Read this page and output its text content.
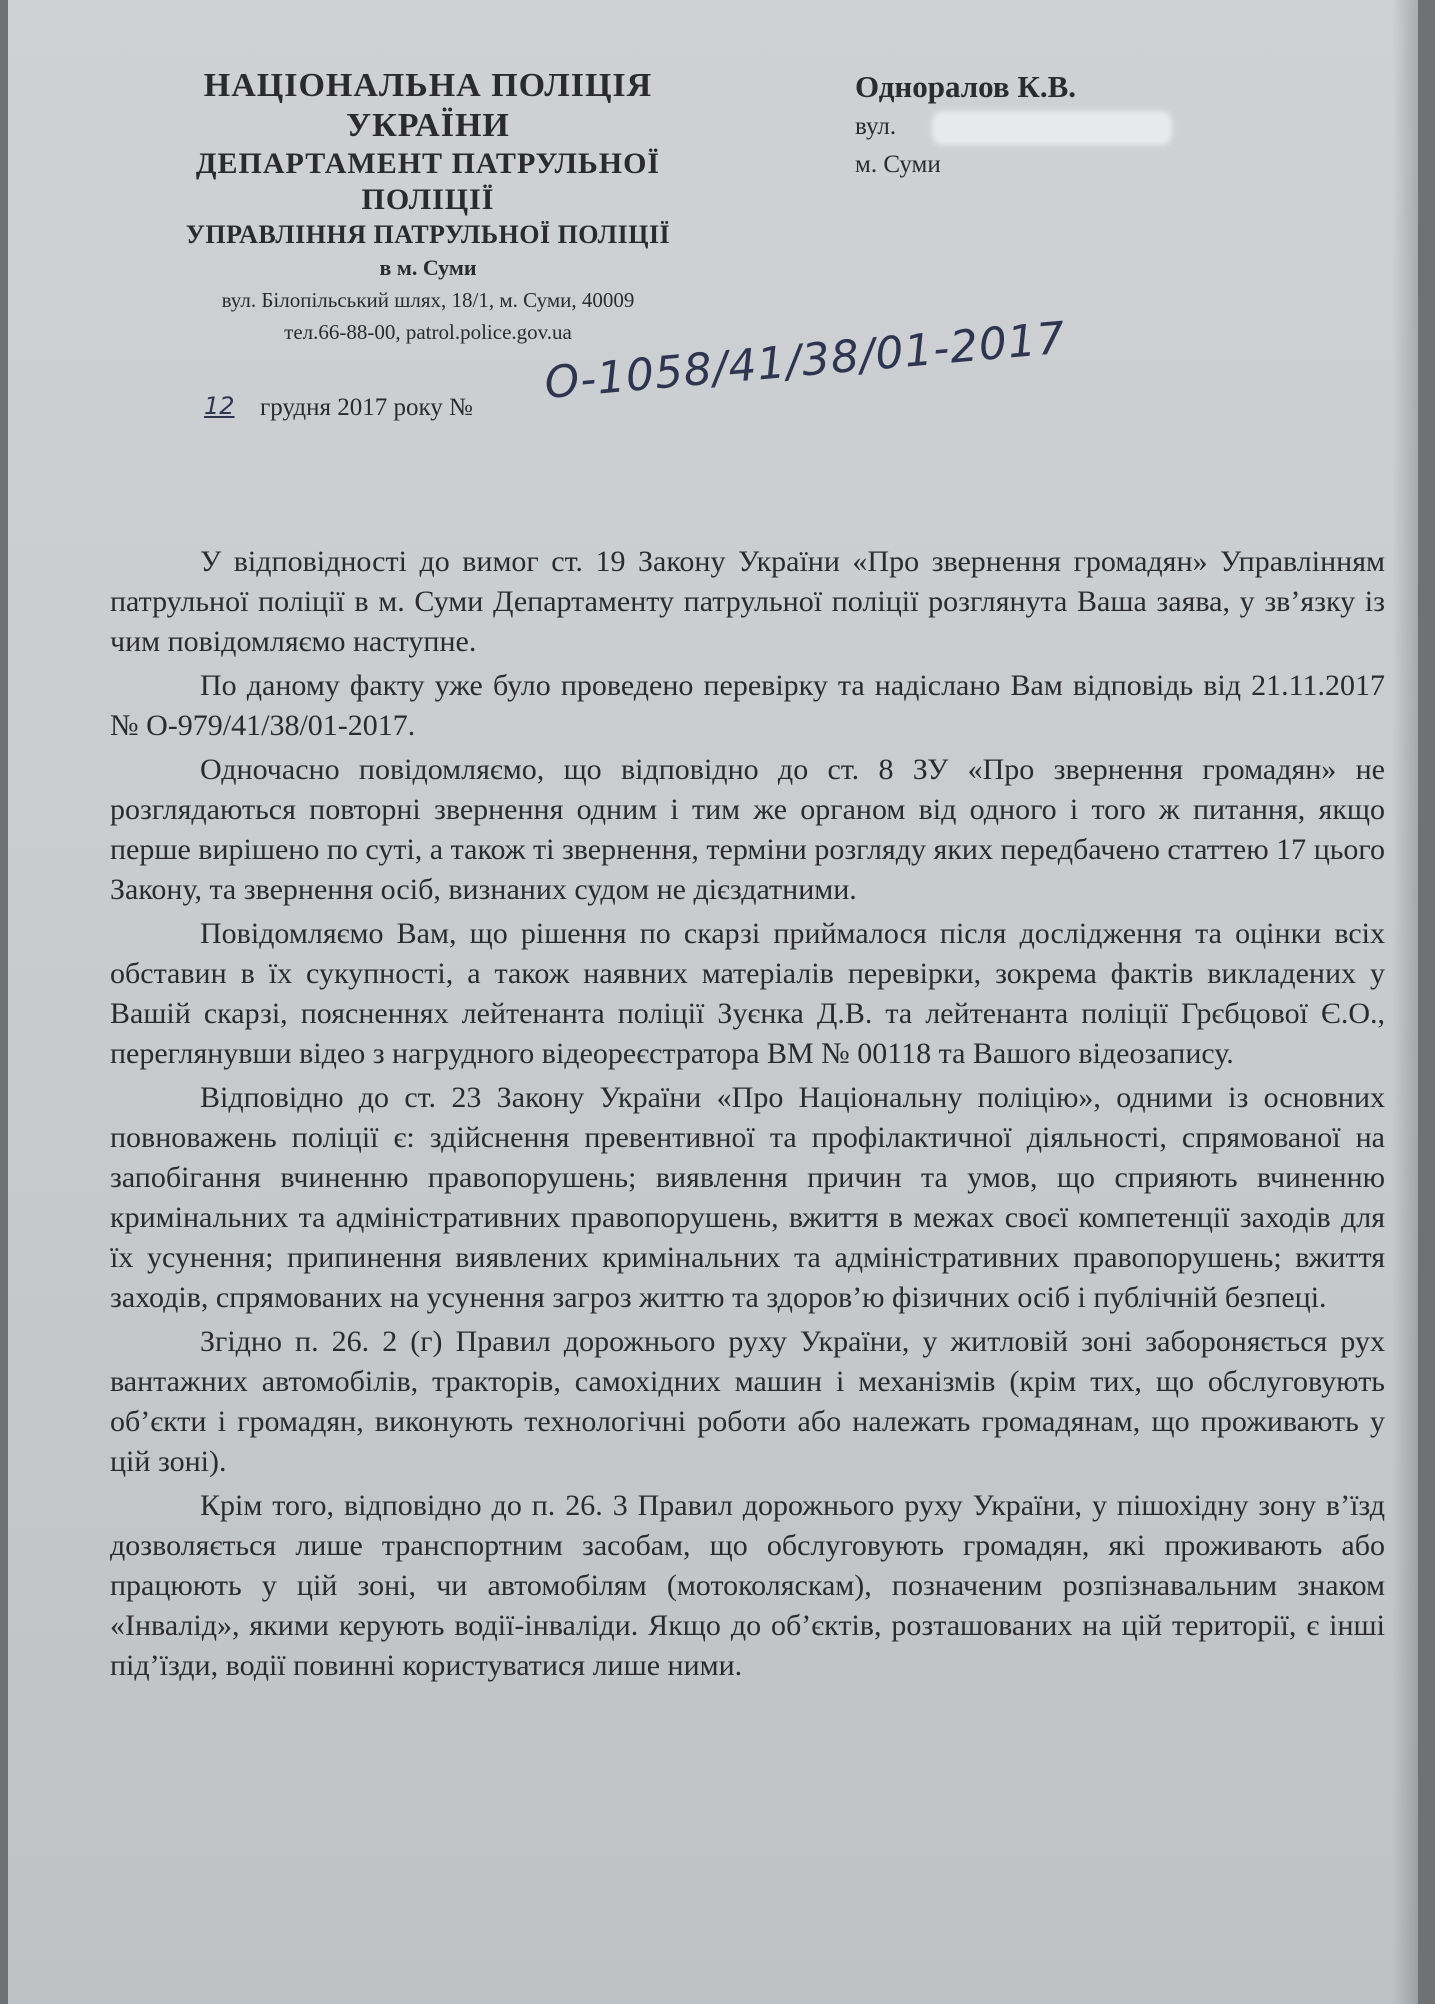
НАЦІОНАЛЬНА ПОЛІЦІЯ
УКРАЇНИ
ДЕПАРТАМЕНТ ПАТРУЛЬНОЇ
ПОЛІЦІЇ
УПРАВЛІННЯ ПАТРУЛЬНОЇ ПОЛІЦІЇ
в м. Суми
вул. Білопільський шлях, 18/1, м. Суми, 40009
тел.66-88-00, patrol.police.gov.ua
12 грудня 2017 року № О-1058/41/38/01-2017
Одноралов К.В.
вул.
м. Суми

У відповідності до вимог ст. 19 Закону України «Про звернення громадян» Управлінням патрульної поліції в м. Суми Департаменту патрульної поліції розглянута Ваша заява, у зв’язку із чим повідомляємо наступне.

По даному факту уже було проведено перевірку та надіслано Вам відповідь від 21.11.2017 № О-979/41/38/01-2017.

Одночасно повідомляємо, що відповідно до ст. 8 ЗУ «Про звернення громадян» не розглядаються повторні звернення одним і тим же органом від одного і того ж питання, якщо перше вирішено по суті, а також ті звернення, терміни розгляду яких передбачено статтею 17 цього Закону, та звернення осіб, визнаних судом не дієздатними.

Повідомляємо Вам, що рішення по скарзі приймалося після дослідження та оцінки всіх обставин в їх сукупності, а також наявних матеріалів перевірки, зокрема фактів викладених у Вашій скарзі, поясненнях лейтенанта поліції Зуєнка Д.В. та лейтенанта поліції Грєбцової Є.О., переглянувши відео з нагрудного відеореєстратора ВМ № 00118 та Вашого відеозапису.

Відповідно до ст. 23 Закону України «Про Національну поліцію», одними із основних повноважень поліції є: здійснення превентивної та профілактичної діяльності, спрямованої на запобігання вчиненню правопорушень; виявлення причин та умов, що сприяють вчиненню кримінальних та адміністративних правопорушень, вжиття в межах своєї компетенції заходів для їх усунення; припинення виявлених кримінальних та адміністративних правопорушень; вжиття заходів, спрямованих на усунення загроз життю та здоров’ю фізичних осіб і публічній безпеці.

Згідно п. 26. 2 (г) Правил дорожнього руху України, у житловій зоні забороняється рух вантажних автомобілів, тракторів, самохідних машин і механізмів (крім тих, що обслуговують об’єкти і громадян, виконують технологічні роботи або належать громадянам, що проживають у цій зоні).

Крім того, відповідно до п. 26. 3 Правил дорожнього руху України, у пішохідну зону в’їзд дозволяється лише транспортним засобам, що обслуговують громадян, які проживають або працюють у цій зоні, чи автомобілям (мотоколяскам), позначеним розпізнавальним знаком «Інвалід», якими керують водії-інваліди. Якщо до об’єктів, розташованих на цій території, є інші під’їзди, водії повинні користуватися лише ними.
